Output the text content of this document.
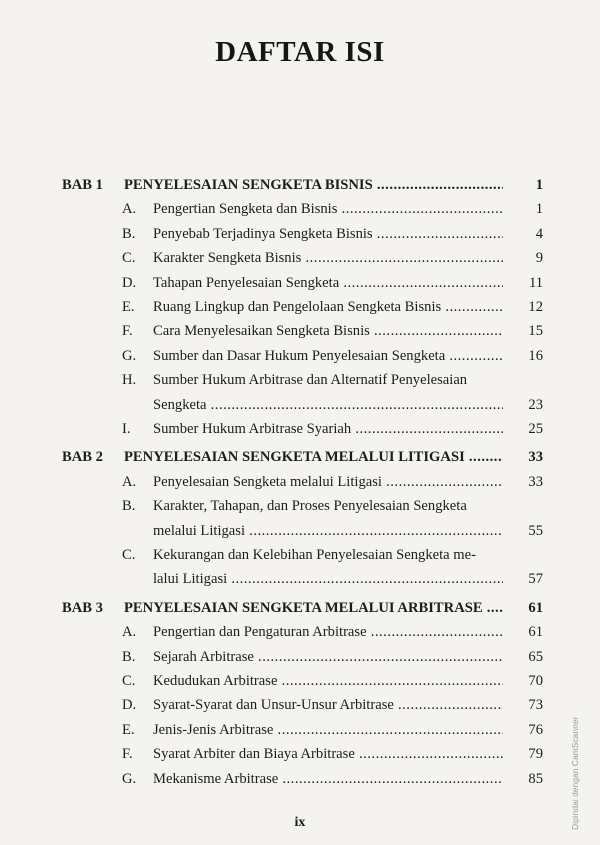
DAFTAR ISI
BAB 1 PENYELESAIAN SENGKETA BISNIS .....	1
A. Pengertian Sengketa dan Bisnis .....	1
B. Penyebab Terjadinya Sengketa Bisnis .....	4
C. Karakter Sengketa Bisnis .....	9
D. Tahapan Penyelesaian Sengketa .....	11
E. Ruang Lingkup dan Pengelolaan Sengketa Bisnis .....	12
F. Cara Menyelesaikan Sengketa Bisnis .....	15
G. Sumber dan Dasar Hukum Penyelesaian Sengketa .....	16
H. Sumber Hukum Arbitrase dan Alternatif Penyelesaian
Sengketa .....	23
I. Sumber Hukum Arbitrase Syariah .....	25
BAB 2 PENYELESAIAN SENGKETA MELALUI LITIGASI .....	33
A. Penyelesaian Sengketa melalui Litigasi .....	33
B. Karakter, Tahapan, dan Proses Penyelesaian Sengketa
melalui Litigasi .....	55
C. Kekurangan dan Kelebihan Penyelesaian Sengketa me-
lalui Litigasi .....	57
BAB 3 PENYELESAIAN SENGKETA MELALUI ARBITRASE .....	61
A. Pengertian dan Pengaturan Arbitrase .....	61
B. Sejarah Arbitrase .....	65
C. Kedudukan Arbitrase .....	70
D. Syarat-Syarat dan Unsur-Unsur Arbitrase .....	73
E. Jenis-Jenis Arbitrase .....	76
F. Syarat Arbiter dan Biaya Arbitrase .....	79
G. Mekanisme Arbitrase .....	85
ix	Dipindai dengan CamScanner
